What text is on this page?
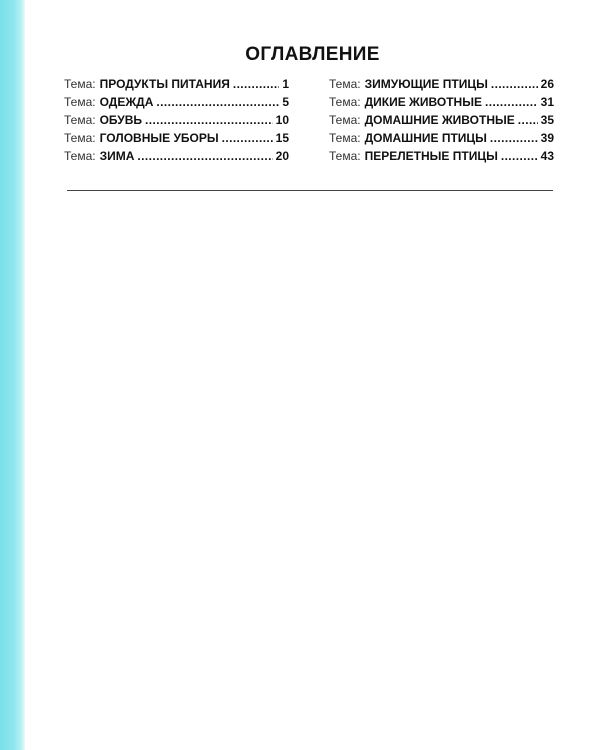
ОГЛАВЛЕНИЕ
Тема: ПРОДУКТЫ ПИТАНИЯ .....	1
Тема: ОДЕЖДА .....	5
Тема: ОБУВЬ .....	10
Тема: ГОЛОВНЫЕ УБОРЫ .....	15
Тема: ЗИМА .....	20
Тема: ЗИМУЮЩИЕ ПТИЦЫ .....	26
Тема: ДИКИЕ ЖИВОТНЫЕ .....	31
Тема: ДОМАШНИЕ ЖИВОТНЫЕ ..... 35
Тема: ДОМАШНИЕ ПТИЦЫ .....	39
Тема: ПЕРЕЛЕТНЫЕ ПТИЦЫ .....	43
